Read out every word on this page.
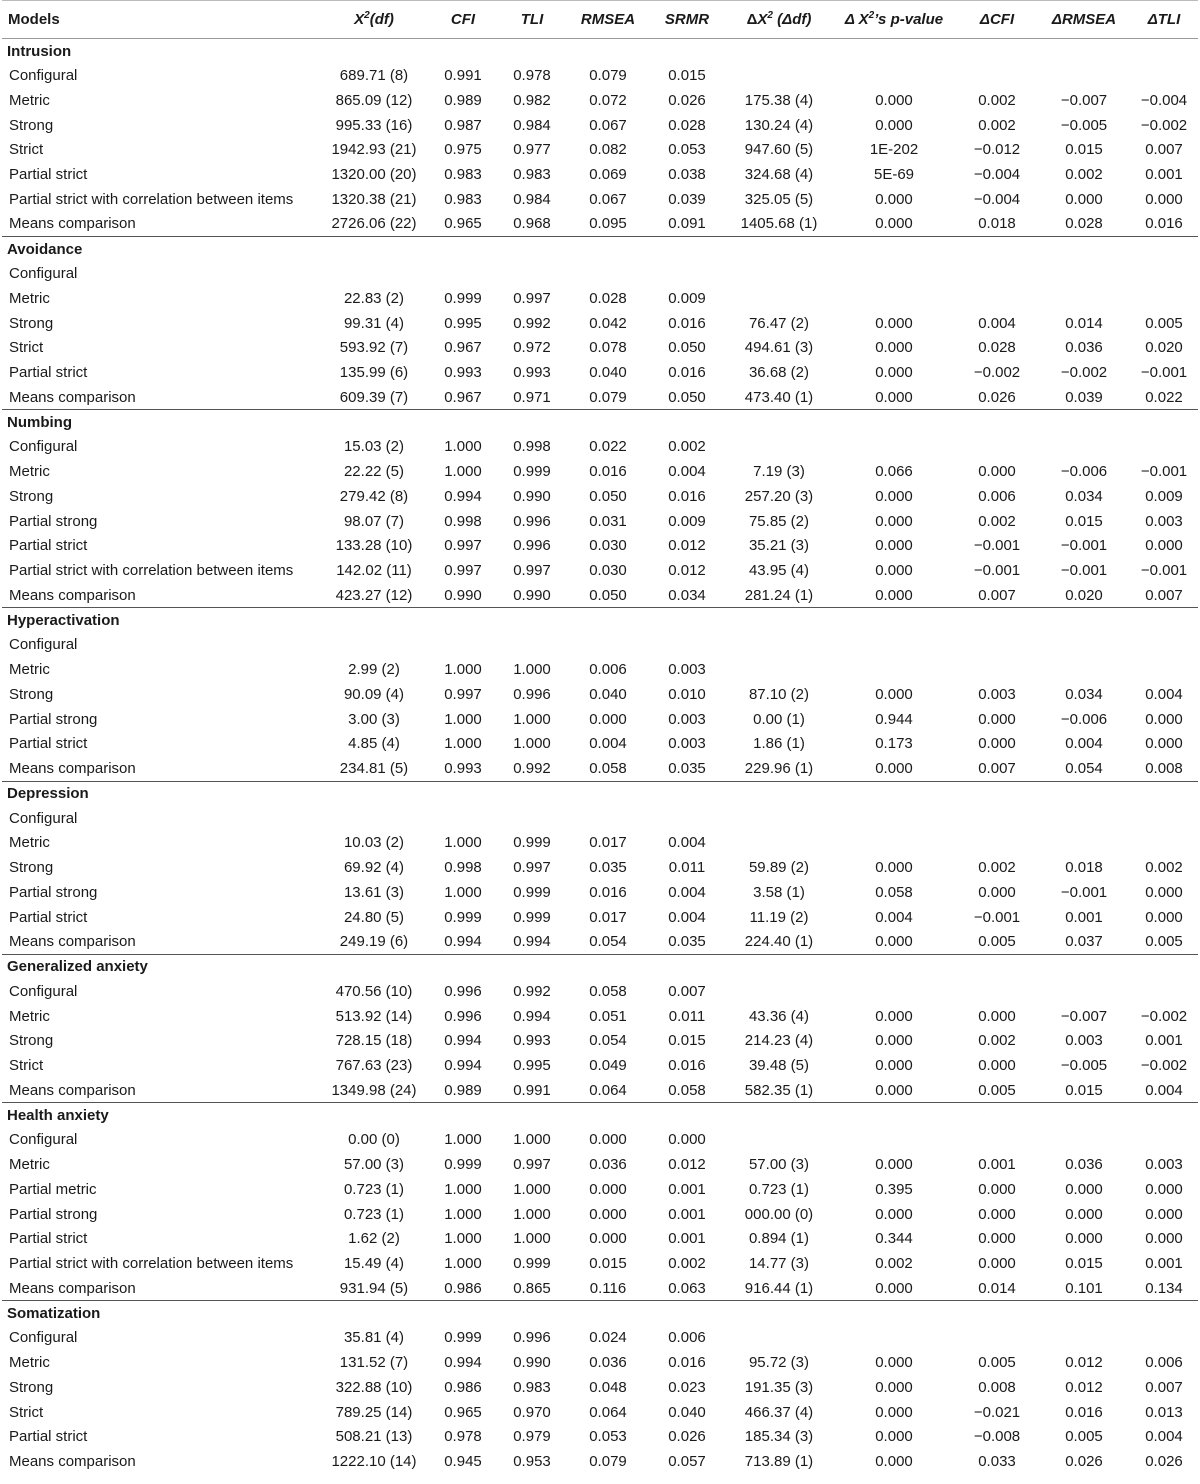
Models	$X^2(df)$	CFI	TLI	RMSEA	SRMR	$\Delta X^2$ (Δdf)	Δ $X^2’s$ p-value	ΔCFI	ΔRMSEA	ΔTLI
Intrusion										
Configural	689.71 (8)	0.991	0.978	0.079	0.015					
Metric	865.09 (12)	0.989	0.982	0.072	0.026	175.38 (4)	0.000	0.002	−0.007	−0.004
Strong	995.33 (16)	0.987	0.984	0.067	0.028	130.24 (4)	0.000	0.002	−0.005	−0.002
Strict	1942.93 (21)	0.975	0.977	0.082	0.053	947.60 (5)	1E-202	−0.012	0.015	0.007
Partial strict	1320.00 (20)	0.983	0.983	0.069	0.038	324.68 (4)	5E-69	−0.004	0.002	0.001
Partial strict with correlation between items	1320.38 (21)	0.983	0.984	0.067	0.039	325.05 (5)	0.000	−0.004	0.000	0.000
Means comparison	2726.06 (22)	0.965	0.968	0.095	0.091	1405.68 (1)	0.000	0.018	0.028	0.016
Avoidance										
Configural										
Metric	22.83 (2)	0.999	0.997	0.028	0.009					
Strong	99.31 (4)	0.995	0.992	0.042	0.016	76.47 (2)	0.000	0.004	0.014	0.005
Strict	593.92 (7)	0.967	0.972	0.078	0.050	494.61 (3)	0.000	0.028	0.036	0.020
Partial strict	135.99 (6)	0.993	0.993	0.040	0.016	36.68 (2)	0.000	−0.002	−0.002	−0.001
Means comparison	609.39 (7)	0.967	0.971	0.079	0.050	473.40 (1)	0.000	0.026	0.039	0.022
Numbing										
Configural	15.03 (2)	1.000	0.998	0.022	0.002					
Metric	22.22 (5)	1.000	0.999	0.016	0.004	7.19 (3)	0.066	0.000	−0.006	−0.001
Strong	279.42 (8)	0.994	0.990	0.050	0.016	257.20 (3)	0.000	0.006	0.034	0.009
Partial strong	98.07 (7)	0.998	0.996	0.031	0.009	75.85 (2)	0.000	0.002	0.015	0.003
Partial strict	133.28 (10)	0.997	0.996	0.030	0.012	35.21 (3)	0.000	−0.001	−0.001	0.000
Partial strict with correlation between items	142.02 (11)	0.997	0.997	0.030	0.012	43.95 (4)	0.000	−0.001	−0.001	−0.001
Means comparison	423.27 (12)	0.990	0.990	0.050	0.034	281.24 (1)	0.000	0.007	0.020	0.007
Hyperactivation										
Configural										
Metric	2.99 (2)	1.000	1.000	0.006	0.003					
Strong	90.09 (4)	0.997	0.996	0.040	0.010	87.10 (2)	0.000	0.003	0.034	0.004
Partial strong	3.00 (3)	1.000	1.000	0.000	0.003	0.00 (1)	0.944	0.000	−0.006	0.000
Partial strict	4.85 (4)	1.000	1.000	0.004	0.003	1.86 (1)	0.173	0.000	0.004	0.000
Means comparison	234.81 (5)	0.993	0.992	0.058	0.035	229.96 (1)	0.000	0.007	0.054	0.008
Depression										
Configural										
Metric	10.03 (2)	1.000	0.999	0.017	0.004					
Strong	69.92 (4)	0.998	0.997	0.035	0.011	59.89 (2)	0.000	0.002	0.018	0.002
Partial strong	13.61 (3)	1.000	0.999	0.016	0.004	3.58 (1)	0.058	0.000	−0.001	0.000
Partial strict	24.80 (5)	0.999	0.999	0.017	0.004	11.19 (2)	0.004	−0.001	0.001	0.000
Means comparison	249.19 (6)	0.994	0.994	0.054	0.035	224.40 (1)	0.000	0.005	0.037	0.005
Generalized anxiety										
Configural	470.56 (10)	0.996	0.992	0.058	0.007					
Metric	513.92 (14)	0.996	0.994	0.051	0.011	43.36 (4)	0.000	0.000	−0.007	−0.002
Strong	728.15 (18)	0.994	0.993	0.054	0.015	214.23 (4)	0.000	0.002	0.003	0.001
Strict	767.63 (23)	0.994	0.995	0.049	0.016	39.48 (5)	0.000	0.000	−0.005	−0.002
Means comparison	1349.98 (24)	0.989	0.991	0.064	0.058	582.35 (1)	0.000	0.005	0.015	0.004
Health anxiety										
Configural	0.00 (0)	1.000	1.000	0.000	0.000					
Metric	57.00 (3)	0.999	0.997	0.036	0.012	57.00 (3)	0.000	0.001	0.036	0.003
Partial metric	0.723 (1)	1.000	1.000	0.000	0.001	0.723 (1)	0.395	0.000	0.000	0.000
Partial strong	0.723 (1)	1.000	1.000	0.000	0.001	000.00 (0)	0.000	0.000	0.000	0.000
Partial strict	1.62 (2)	1.000	1.000	0.000	0.001	0.894 (1)	0.344	0.000	0.000	0.000
Partial strict with correlation between items	15.49 (4)	1.000	0.999	0.015	0.002	14.77 (3)	0.002	0.000	0.015	0.001
Means comparison	931.94 (5)	0.986	0.865	0.116	0.063	916.44 (1)	0.000	0.014	0.101	0.134
Somatization										
Configural	35.81 (4)	0.999	0.996	0.024	0.006					
Metric	131.52 (7)	0.994	0.990	0.036	0.016	95.72 (3)	0.000	0.005	0.012	0.006
Strong	322.88 (10)	0.986	0.983	0.048	0.023	191.35 (3)	0.000	0.008	0.012	0.007
Strict	789.25 (14)	0.965	0.970	0.064	0.040	466.37 (4)	0.000	−0.021	0.016	0.013
Partial strict	508.21 (13)	0.978	0.979	0.053	0.026	185.34 (3)	0.000	−0.008	0.005	0.004
Means comparison	1222.10 (14)	0.945	0.953	0.079	0.057	713.89 (1)	0.000	0.033	0.026	0.026
